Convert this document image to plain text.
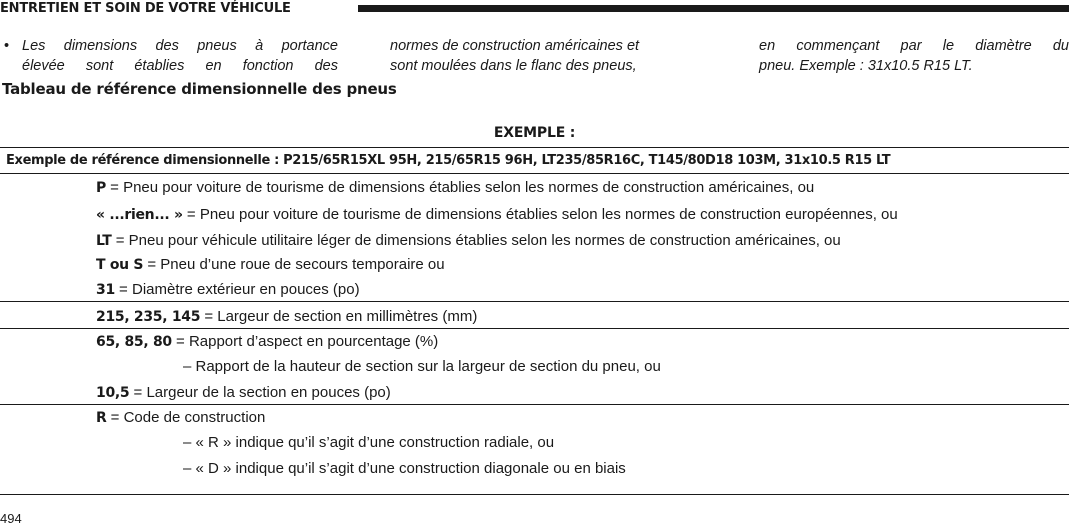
ENTRETIEN ET SOIN DE VOTRE VÉHICULE
• Les dimensions des pneus à portance
élevée sont établies en fonction des
normes de construction américaines et
sont moulées dans le flanc des pneus,
en commençant par le diamètre du
pneu. Exemple : 31x10.5 R15 LT.
Tableau de référence dimensionnelle des pneus
EXEMPLE :
Exemple de référence dimensionnelle : P215/65R15XL 95H, 215/65R15 96H, LT235/85R16C, T145/80D18 103M, 31x10.5 R15 LT
P = Pneu pour voiture de tourisme de dimensions établies selon les normes de construction américaines, ou
« ...rien... » = Pneu pour voiture de tourisme de dimensions établies selon les normes de construction européennes, ou
LT = Pneu pour véhicule utilitaire léger de dimensions établies selon les normes de construction américaines, ou
T ou S = Pneu d’une roue de secours temporaire ou
31 = Diamètre extérieur en pouces (po)
215, 235, 145 = Largeur de section en millimètres (mm)
65, 85, 80 = Rapport d’aspect en pourcentage (%)
– Rapport de la hauteur de section sur la largeur de section du pneu, ou
10,5 = Largeur de la section en pouces (po)
R = Code de construction
– « R » indique qu’il s’agit d’une construction radiale, ou
– « D » indique qu’il s’agit d’une construction diagonale ou en biais
494
